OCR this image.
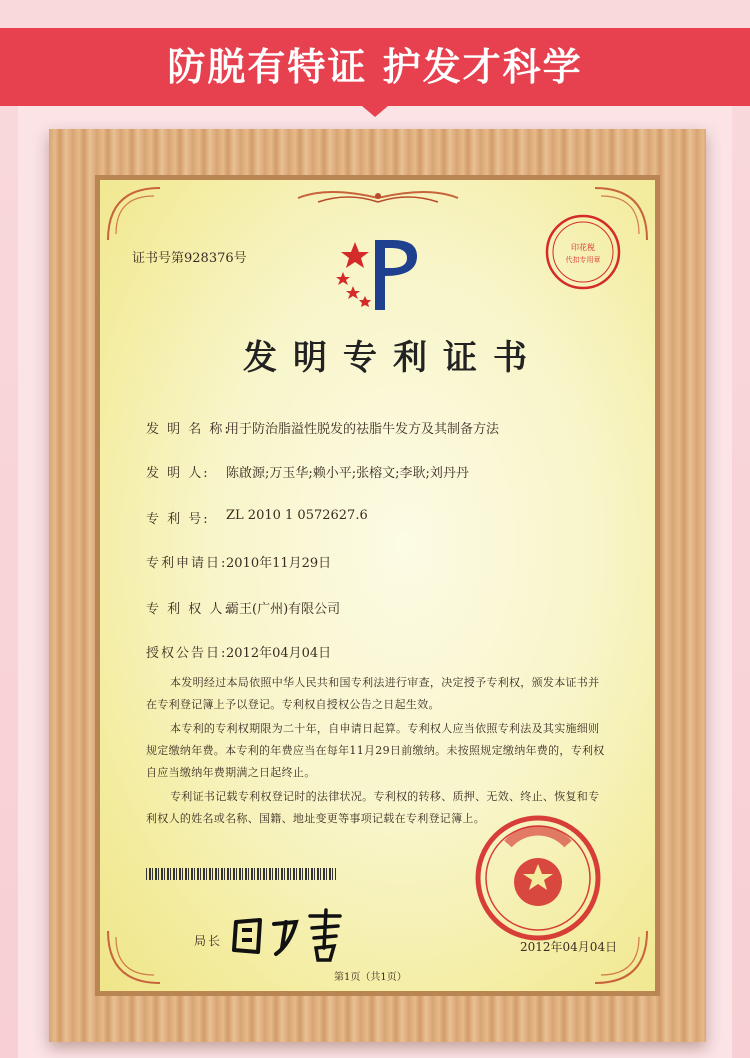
防脱有特证 护发才科学
证书号第928376号
印花税
代扣专用章
发明专利证书
发 明 名 称:
用于防治脂溢性脱发的祛脂牛发方及其制备方法
发 明 人: 陈啟源;万玉华;赖小平;张榕文;李耿;刘丹丹
专 利 号: ZL 2010 1 0572627.6
专利申请日:
2010年11月29日
专 利 权 人:
霸王(广州)有限公司
授权公告日:
2012年04月04日
本发明经过本局依照中华人民共和国专利法进行审查，决定授予专利权，颁发本证书并在专利登记簿上予以登记。专利权自授权公告之日起生效。
本专利的专利权期限为二十年，自申请日起算。专利权人应当依照专利法及其实施细则规定缴纳年费。本专利的年费应当在每年11月29日前缴纳。未按照规定缴纳年费的，专利权自应当缴纳年费期满之日起终止。
专利证书记载专利权登记时的法律状况。专利权的转移、质押、无效、终止、恢复和专利权人的姓名或名称、国籍、地址变更等事项记载在专利登记簿上。
局长	2012年04月04日
第1页（共1页）
